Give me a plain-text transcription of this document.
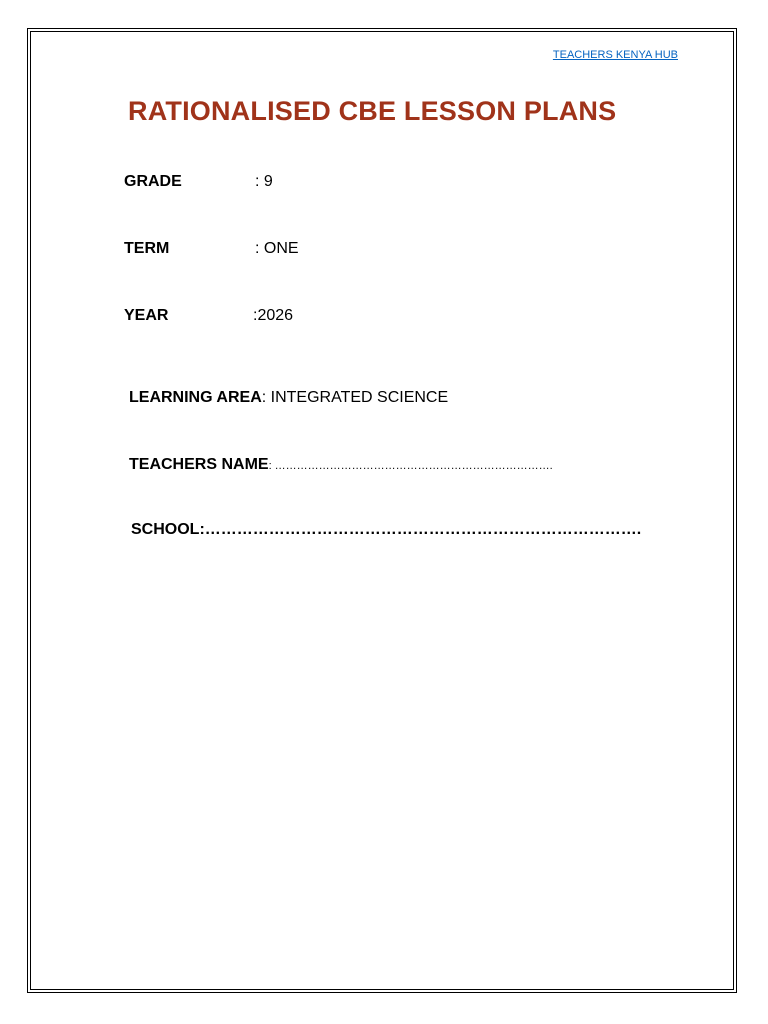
TEACHERS KENYA HUB
RATIONALISED CBE LESSON PLANS
GRADE	: 9
TERM	: ONE
YEAR	:2026
LEARNING AREA: INTEGRATED SCIENCE
TEACHERS NAME: ………………………………………………………………….
SCHOOL:……………………………………………………………………….
